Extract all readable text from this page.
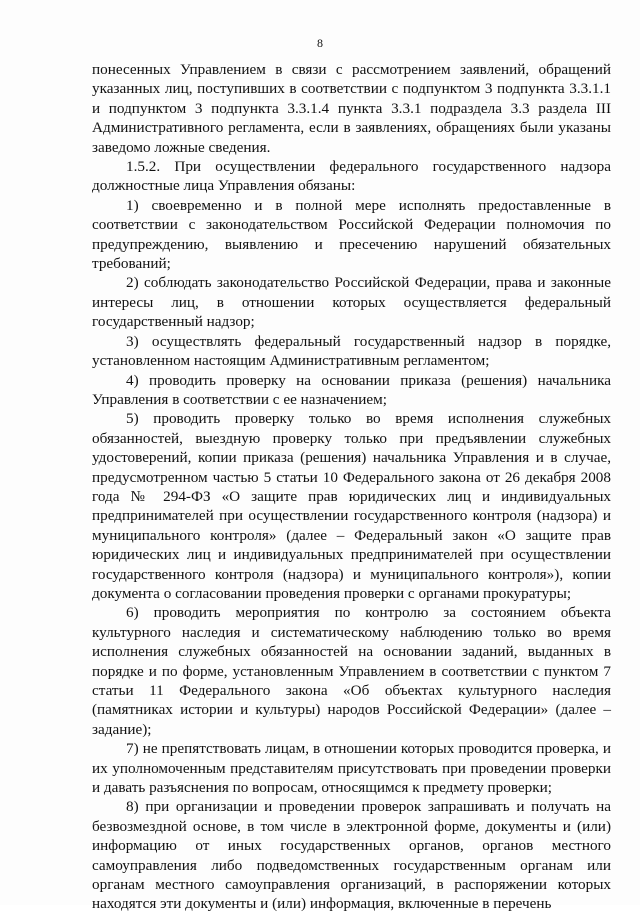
8

понесенных Управлением в связи с рассмотрением заявлений, обращений указанных лиц, поступивших в соответствии с подпунктом 3 подпункта 3.3.1.1 и подпунктом 3 подпункта 3.3.1.4 пункта 3.3.1 подраздела 3.3 раздела III Административного регламента, если в заявлениях, обращениях были указаны заведомо ложные сведения.

1.5.2. При осуществлении федерального государственного надзора должностные лица Управления обязаны:

1) своевременно и в полной мере исполнять предоставленные в соответствии с законодательством Российской Федерации полномочия по предупреждению, выявлению и пресечению нарушений обязательных требований;

2) соблюдать законодательство Российской Федерации, права и законные интересы лиц, в отношении которых осуществляется федеральный государственный надзор;

3) осуществлять федеральный государственный надзор в порядке, установленном настоящим Административным регламентом;

4) проводить проверку на основании приказа (решения) начальника Управления в соответствии с ее назначением;

5) проводить проверку только во время исполнения служебных обязанностей, выездную проверку только при предъявлении служебных удостоверений, копии приказа (решения) начальника Управления и в случае, предусмотренном частью 5 статьи 10 Федерального закона от 26 декабря 2008 года № 294-ФЗ «О защите прав юридических лиц и индивидуальных предпринимателей при осуществлении государственного контроля (надзора) и муниципального контроля» (далее – Федеральный закон «О защите прав юридических лиц и индивидуальных предпринимателей при осуществлении государственного контроля (надзора) и муниципального контроля»), копии документа о согласовании проведения проверки с органами прокуратуры;

6) проводить мероприятия по контролю за состоянием объекта культурного наследия и систематическому наблюдению только во время исполнения служебных обязанностей на основании заданий, выданных в порядке и по форме, установленным Управлением в соответствии с пунктом 7 статьи 11 Федерального закона «Об объектах культурного наследия (памятниках истории и культуры) народов Российской Федерации» (далее – задание);

7) не препятствовать лицам, в отношении которых проводится проверка, и их уполномоченным представителям присутствовать при проведении проверки и давать разъяснения по вопросам, относящимся к предмету проверки;

8) при организации и проведении проверок запрашивать и получать на безвозмездной основе, в том числе в электронной форме, документы и (или) информацию от иных государственных органов, органов местного самоуправления либо подведомственных государственным органам или органам местного самоуправления организаций, в распоряжении которых находятся эти документы и (или) информация, включенные в перечень
